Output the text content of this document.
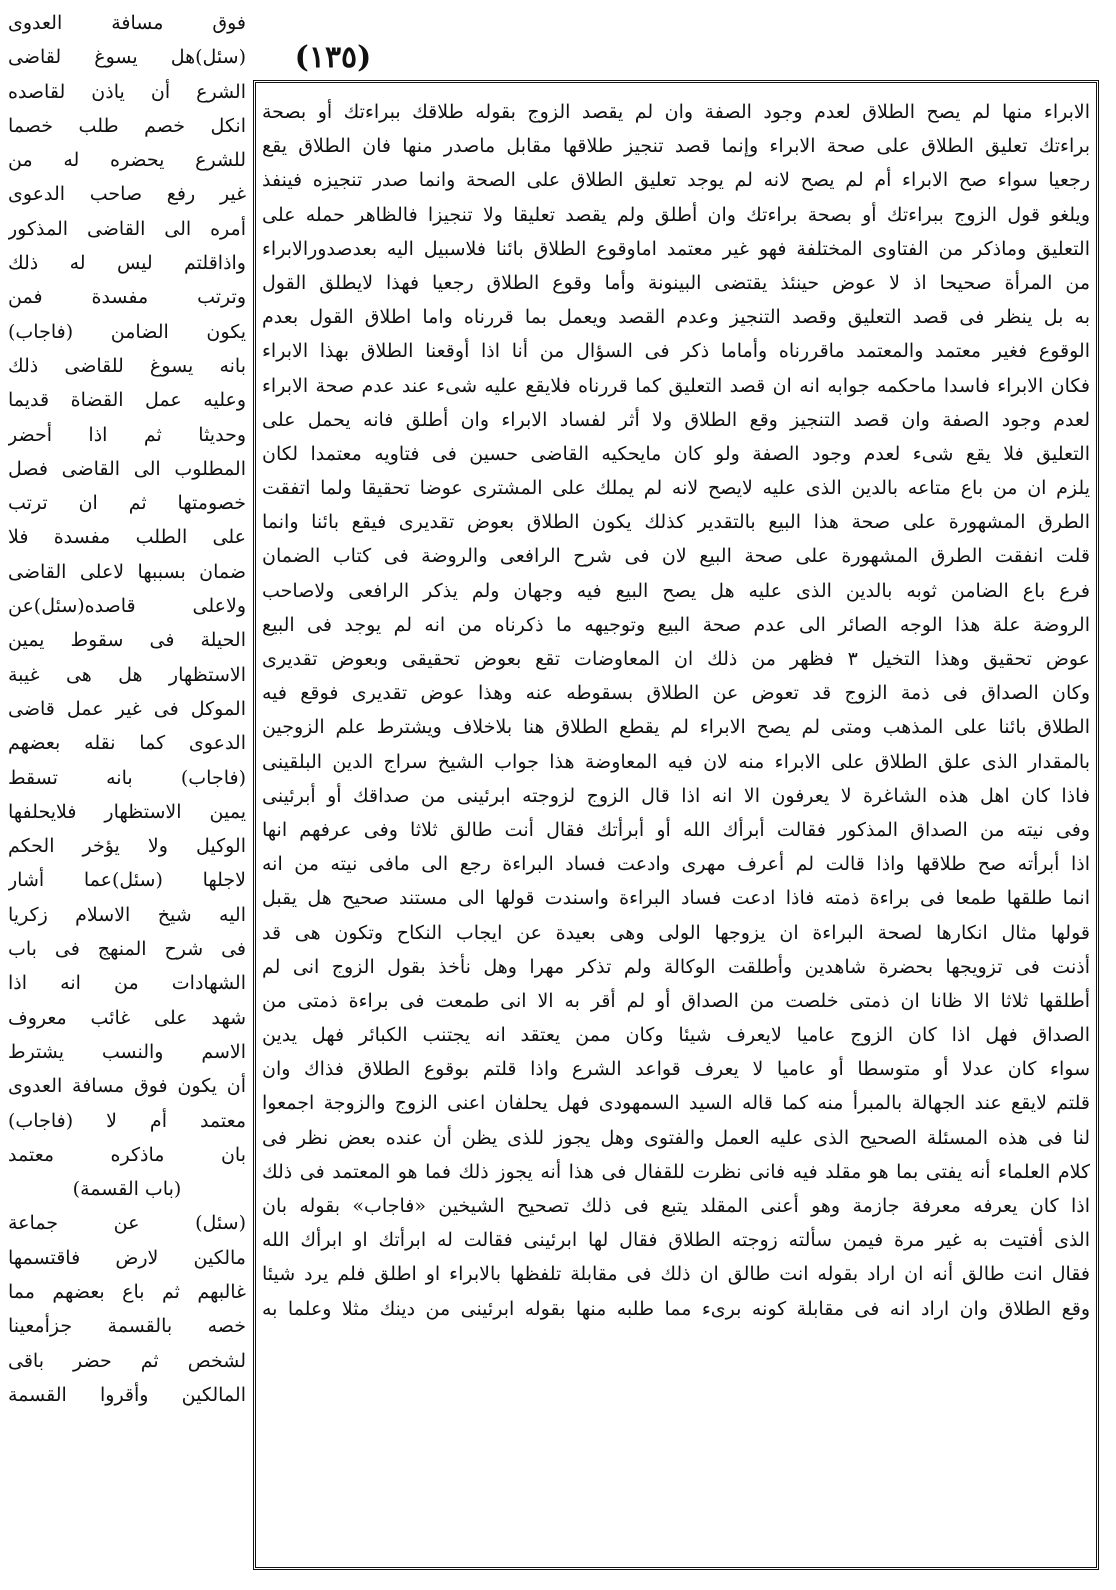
(١٣٥)
فوق مسافة العدوى
(سئل)هل يسوغ لقاضى
الشرع أن ياذن لقاصده
انكل خصم طلب خصما
للشرع يحضره له من
غير رفع صاحب الدعوى
أمره الى القاضى المذكور
واذاقلتم ليس له ذلك
وترتب مفسدة فمن
يكون الضامن (فاجاب)
بانه يسوغ للقاضى ذلك
وعليه عمل القضاة قديما
وحديثا ثم اذا أحضر
المطلوب الى القاضى فصل
خصومتها ثم ان ترتب
على الطلب مفسدة فلا
ضمان بسببها لاعلى القاضى
ولاعلى قاصده(سئل)عن
الحيلة فى سقوط يمين
الاستظهار هل هى غيبة
الموكل فى غير عمل قاضى
الدعوى كما نقله بعضهم
(فاجاب) بانه تسقط
يمين الاستظهار فلايحلفها
الوكيل ولا يؤخر الحكم
لاجلها (سئل)عما أشار
اليه شيخ الاسلام زكريا
فى شرح المنهج فى باب
الشهادات من انه اذا
شهد على غائب معروف
الاسم والنسب يشترط
أن يكون فوق مسافة العدوى
معتمد أم لا (فاجاب)
بان ماذكره معتمد
(باب القسمة)
(سئل) عن جماعة
مالكين لارض فاقتسمها
غالبهم ثم باع بعضهم مما
خصه بالقسمة جزأمعينا
لشخص ثم حضر باقى
المالكين وأقروا القسمة
الابراء منها لم يصح الطلاق لعدم وجود الصفة وان لم يقصد الزوج بقوله طلاقك ببراءتك أو بصحة
براءتك تعليق الطلاق على صحة الابراء وإنما قصد تنجيز طلاقها مقابل ماصدر منها فان الطلاق يقع
رجعيا سواء صح الابراء أم لم يصح لانه لم يوجد تعليق الطلاق على الصحة وانما صدر تنجيزه فينفذ
ويلغو قول الزوج ببراءتك أو بصحة براءتك وان أطلق ولم يقصد تعليقا ولا تنجيزا فالظاهر حمله على
التعليق وماذكر من الفتاوى المختلفة فهو غير معتمد اماوقوع الطلاق بائنا فلاسبيل اليه بعدصدورالابراء
من المرأة صحيحا اذ لا عوض حينئذ يقتضى البينونة وأما وقوع الطلاق رجعيا فهذا لايطلق القول
به بل ينظر فى قصد التعليق وقصد التنجيز وعدم القصد ويعمل بما قررناه واما اطلاق القول بعدم
الوقوع فغير معتمد والمعتمد ماقررناه وأماما ذكر فى السؤال من أنا اذا أوقعنا الطلاق بهذا الابراء
فكان الابراء فاسدا ماحكمه جوابه انه ان قصد التعليق كما قررناه فلايقع عليه شىء عند عدم صحة الابراء
لعدم وجود الصفة وان قصد التنجيز وقع الطلاق ولا أثر لفساد الابراء وان أطلق فانه يحمل على
التعليق فلا يقع شىء لعدم وجود الصفة ولو كان مايحكيه القاضى حسين فى فتاويه معتمدا لكان
يلزم ان من باع متاعه بالدين الذى عليه لايصح لانه لم يملك على المشترى عوضا تحقيقا ولما اتفقت
الطرق المشهورة على صحة هذا البيع بالتقدير كذلك يكون الطلاق بعوض تقديرى فيقع بائنا وانما
قلت انفقت الطرق المشهورة على صحة البيع لان فى شرح الرافعى والروضة فى كتاب الضمان
فرع باع الضامن ثوبه بالدين الذى عليه هل يصح البيع فيه وجهان ولم يذكر الرافعى ولاصاحب
الروضة علة هذا الوجه الصائر الى عدم صحة البيع وتوجيهه ما ذكرناه من انه لم يوجد فى البيع
عوض تحقيق وهذا التخيل ٣ فظهر من ذلك ان المعاوضات تقع بعوض تحقيقى وبعوض تقديرى
وكان الصداق فى ذمة الزوج قد تعوض عن الطلاق بسقوطه عنه وهذا عوض تقديرى فوقع فيه
الطلاق بائنا على المذهب ومتى لم يصح الابراء لم يقطع الطلاق هنا بلاخلاف ويشترط علم الزوجين
بالمقدار الذى علق الطلاق على الابراء منه لان فيه المعاوضة هذا جواب الشيخ سراج الدين البلقينى
فاذا كان اهل هذه الشاغرة لا يعرفون الا انه اذا قال الزوج لزوجته ابرئينى من صداقك أو أبرئينى
وفى نيته من الصداق المذكور فقالت أبرأك الله أو أبرأتك فقال أنت طالق ثلاثا وفى عرفهم انها
اذا أبرأته صح طلاقها واذا قالت لم أعرف مهرى وادعت فساد البراءة رجع الى مافى نيته من انه
انما طلقها طمعا فى براءة ذمته فاذا ادعت فساد البراءة واسندت قولها الى مستند صحيح هل يقبل
قولها مثال انكارها لصحة البراءة ان يزوجها الولى وهى بعيدة عن ايجاب النكاح وتكون هى قد
أذنت فى تزويجها بحضرة شاهدين وأطلقت الوكالة ولم تذكر مهرا وهل نأخذ بقول الزوج انى لم
أطلقها ثلاثا الا ظانا ان ذمتى خلصت من الصداق أو لم أقر به الا انى طمعت فى براءة ذمتى من
الصداق فهل اذا كان الزوج عاميا لايعرف شيئا وكان ممن يعتقد انه يجتنب الكبائر فهل يدين
سواء كان عدلا أو متوسطا أو عاميا لا يعرف قواعد الشرع واذا قلتم بوقوع الطلاق فذاك وان
قلتم لايقع عند الجهالة بالمبرأ منه كما قاله السيد السمهودى فهل يحلفان اعنى الزوج والزوجة اجمعوا
لنا فى هذه المسئلة الصحيح الذى عليه العمل والفتوى وهل يجوز للذى يظن أن عنده بعض نظر فى
كلام العلماء أنه يفتى بما هو مقلد فيه فانى نظرت للقفال فى هذا أنه يجوز ذلك فما هو المعتمد فى ذلك
اذا كان يعرفه معرفة جازمة وهو أعنى المقلد يتبع فى ذلك تصحيح الشيخين «فاجاب» بقوله بان
الذى أفتيت به غير مرة فيمن سألته زوجته الطلاق فقال لها ابرئينى فقالت له ابرأتك او ابرأك الله
فقال انت طالق أنه ان اراد بقوله انت طالق ان ذلك فى مقابلة تلفظها بالابراء او اطلق فلم يرد شيئا
وقع الطلاق وان اراد انه فى مقابلة كونه برىء مما طلبه منها بقوله ابرئينى من دينك مثلا وعلما به
